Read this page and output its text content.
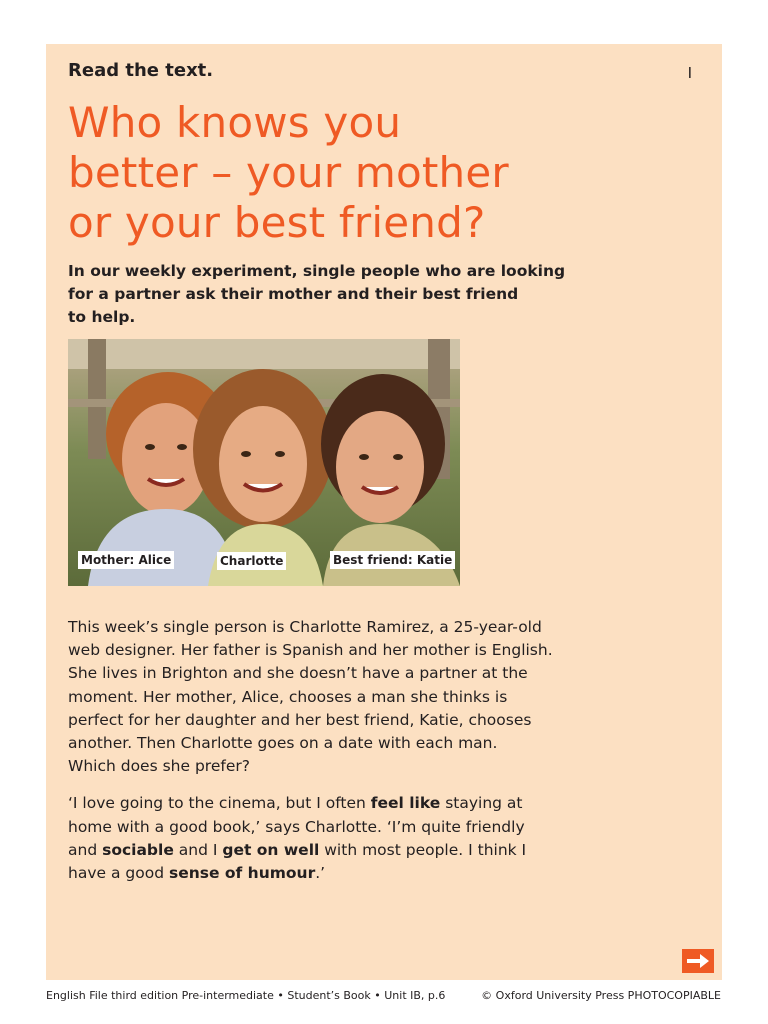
Read the text.	I
Who knows you
better – your mother
or your best friend?
In our weekly experiment, single people who are looking
for a partner ask their mother and their best friend
to help.
Mother: Alice	Charlotte	Best friend: Katie
This week’s single person is Charlotte Ramirez, a 25-year-old
web designer. Her father is Spanish and her mother is English.
She lives in Brighton and she doesn’t have a partner at the
moment. Her mother, Alice, chooses a man she thinks is
perfect for her daughter and her best friend, Katie, chooses
another. Then Charlotte goes on a date with each man.
Which does she prefer?
‘I love going to the cinema, but I often feel like staying at
home with a good book,’ says Charlotte. ‘I’m quite friendly
and sociable and I get on well with most people. I think I
have a good sense of humour.’
English File third edition Pre-intermediate • Student’s Book • Unit IB, p.6	© Oxford University Press PHOTOCOPIABLE
